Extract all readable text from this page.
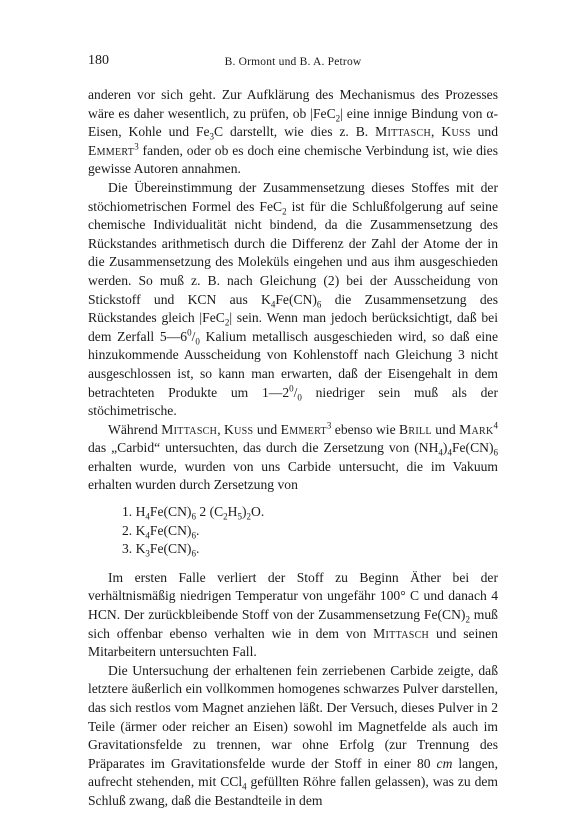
180	B. Ormont und B. A. Petrow

anderen vor sich geht. Zur Aufklärung des Mechanismus des Prozesses wäre es daher wesentlich, zu prüfen, ob |FeC$_2$| eine innige Bindung von α-Eisen, Kohle und $Fe_3C$ darstellt, wie dies z. B. Mittasch, Kuss und Emmert$^3$ fanden, oder ob es doch eine chemische Verbindung ist, wie dies gewisse Autoren annahmen.

Die Übereinstimmung der Zusammensetzung dieses Stoffes mit der stöchiometrischen Formel des FeC$_2$ ist für die Schlußfolgerung auf seine chemische Individualität nicht bindend, da die Zusammensetzung des Rückstandes arithmetisch durch die Differenz der Zahl der Atome der in die Zusammensetzung des Moleküls eingehen und aus ihm ausgeschieden werden. So muß z. B. nach Gleichung (2) bei der Ausscheidung von Stickstoff und KCN aus $K_4Fe(CN)_6$ die Zusammensetzung des Rückstandes gleich |FeC$_2$| sein. Wenn man jedoch berücksichtigt, daß bei dem Zerfall $5—6^0/_0$ Kalium metallisch ausgeschieden wird, so daß eine hinzukommende Ausscheidung von Kohlenstoff nach Gleichung 3 nicht ausgeschlossen ist, so kann man erwarten, daß der Eisengehalt in dem betrachteten Produkte um $1—2^0/_0$ niedriger sein muß als der stöchimetrische.

Während Mittasch, Kuss und Emmert$^3$ ebenso wie Brill und Mark$^4$ das „Carbid“ untersuchten, das durch die Zersetzung von $(NH_4)_4Fe(CN)_6$ erhalten wurde, wurden von uns Carbide untersucht, die im Vakuum erhalten wurden durch Zersetzung von

1. $H_4Fe(CN)_6$ 2 $(C_2H_5)_2O$.
2. $K_4Fe(CN)_6$.
3. $K_3Fe(CN)_6$.

Im ersten Falle verliert der Stoff zu Beginn Äther bei der verhältnismäßig niedrigen Temperatur von ungefähr 100° C und danach 4 HCN. Der zurückbleibende Stoff von der Zusammensetzung $Fe(CN)_2$ muß sich offenbar ebenso verhalten wie in dem von Mittasch und seinen Mitarbeitern untersuchten Fall.

Die Untersuchung der erhaltenen fein zerriebenen Carbide zeigte, daß letztere äußerlich ein vollkommen homogenes schwarzes Pulver darstellen, das sich restlos vom Magnet anziehen läßt. Der Versuch, dieses Pulver in 2 Teile (ärmer oder reicher an Eisen) sowohl im Magnetfelde als auch im Gravitationsfelde zu trennen, war ohne Erfolg (zur Trennung des Präparates im Gravitationsfelde wurde der Stoff in einer 80 cm langen, aufrecht stehenden, mit CCl$_4$ gefüllten Röhre fallen gelassen), was zu dem Schluß zwang, daß die Bestandteile in dem
